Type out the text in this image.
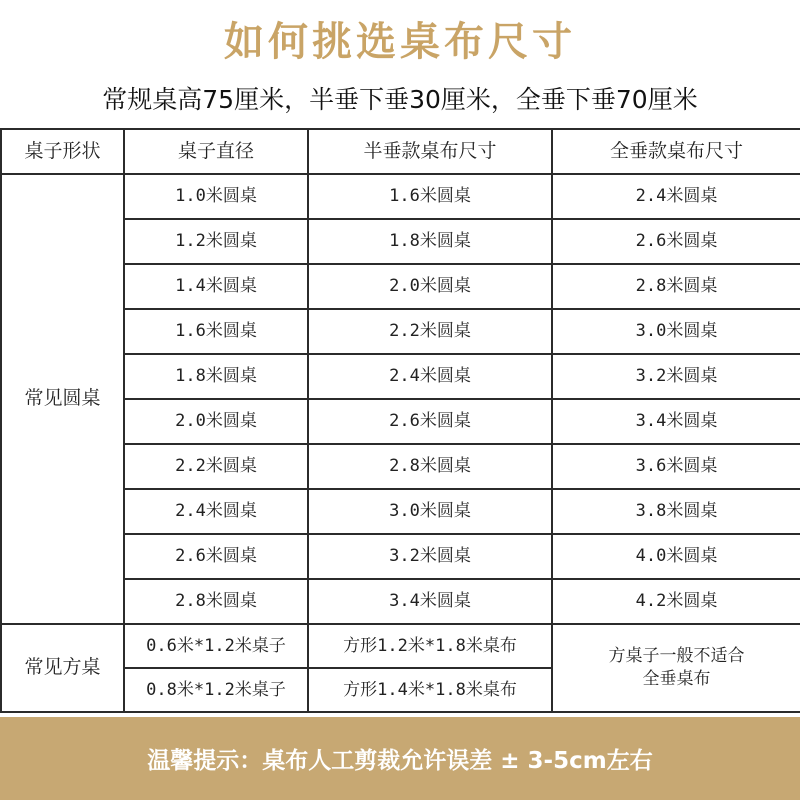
如何挑选桌布尺寸
常规桌高75厘米，半垂下垂30厘米，全垂下垂70厘米
桌子形状	桌子直径	半垂款桌布尺寸	全垂款桌布尺寸
常见圆桌	1.0米圆桌	1.6米圆桌	2.4米圆桌
	1.2米圆桌	1.8米圆桌	2.6米圆桌
	1.4米圆桌	2.0米圆桌	2.8米圆桌
	1.6米圆桌	2.2米圆桌	3.0米圆桌
	1.8米圆桌	2.4米圆桌	3.2米圆桌
	2.0米圆桌	2.6米圆桌	3.4米圆桌
	2.2米圆桌	2.8米圆桌	3.6米圆桌
	2.4米圆桌	3.0米圆桌	3.8米圆桌
	2.6米圆桌	3.2米圆桌	4.0米圆桌
	2.8米圆桌	3.4米圆桌	4.2米圆桌
常见方桌	0.6米*1.2米桌子	方形1.2米*1.8米桌布	方桌子一般不适合
全垂桌布

	0.8米*1.2米桌子	方形1.4米*1.8米桌布	
温馨提示：桌布人工剪裁允许误差 ± 3-5cm左右
